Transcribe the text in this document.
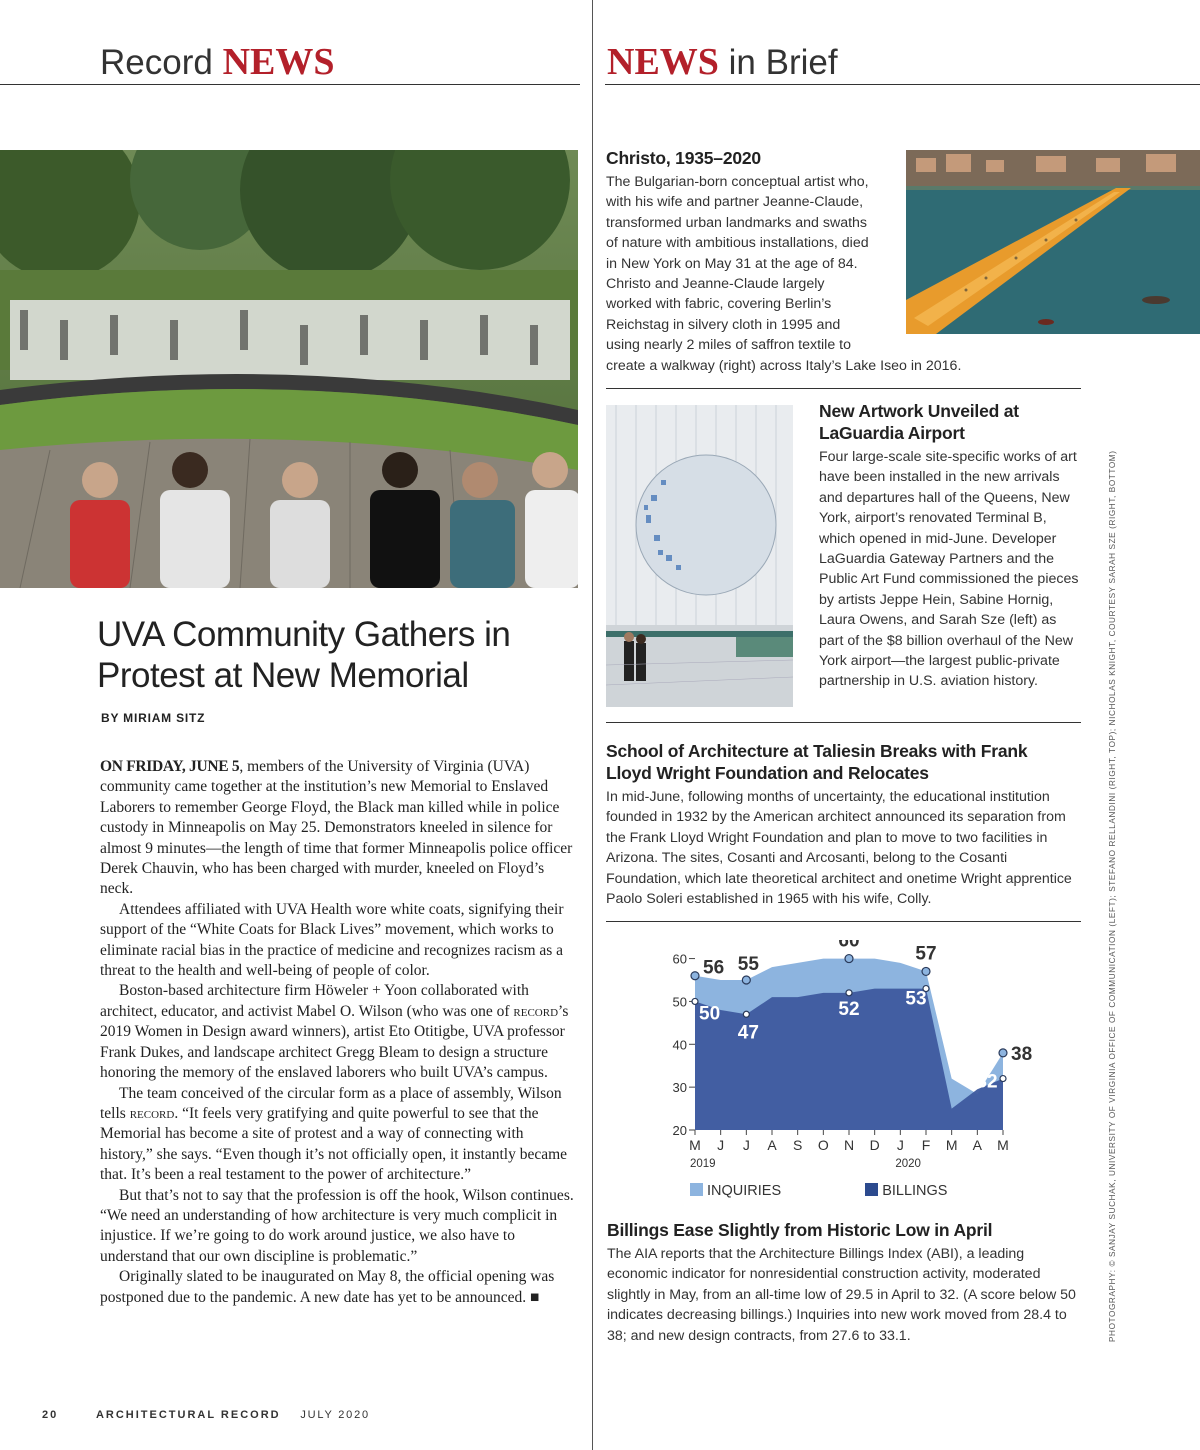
Record NEWS	NEWS in Brief
UVA Community Gathers in Protest at New Memorial
BY MIRIAM SITZ

ON FRIDAY, JUNE 5, members of the University of Virginia (UVA) community came together at the institution’s new Memorial to Enslaved Laborers to remember George Floyd, the Black man killed while in police custody in Minneapolis on May 25. Demonstrators kneeled in silence for almost 9 minutes—the length of time that former Minneapolis police officer Derek Chauvin, who has been charged with murder, kneeled on Floyd’s neck.

Attendees affiliated with UVA Health wore white coats, signifying their support of the “White Coats for Black Lives” movement, which works to eliminate racial bias in the practice of medicine and recognizes racism as a threat to the health and well-being of people of color.

Boston-based architecture firm Höweler + Yoon collaborated with architect, educator, and activist Mabel O. Wilson (who was one of record’s 2019 Women in Design award winners), artist Eto Otitigbe, UVA professor Frank Dukes, and landscape architect Gregg Bleam to design a structure honoring the memory of the enslaved laborers who built UVA’s campus.

The team conceived of the circular form as a place of assembly, Wilson tells record. “It feels very gratifying and quite powerful to see that the Memorial has become a site of protest and a way of connecting with history,” she says. “Even though it’s not officially open, it instantly became that. It’s been a real testament to the power of architecture.”

But that’s not to say that the profession is off the hook, Wilson continues. “We need an understanding of how architecture is very much complicit in injustice. If we’re going to do work around justice, we also have to understand that our own discipline is problematic.”

Originally slated to be inaugurated on May 8, the official opening was postponed due to the pandemic. A new date has yet to be announced. ■

Christo, 1935–2020
The Bulgarian-born conceptual artist who, with his wife and partner Jeanne-Claude, transformed urban landmarks and swaths of nature with ambitious installations, died in New York on May 31 at the age of 84. Christo and Jeanne-Claude largely worked with fabric, covering Berlin’s Reichstag in silvery cloth in 1995 and using nearly 2 miles of saffron textile to create a walkway (right) across Italy’s Lake Iseo in 2016.
New Artwork Unveiled at LaGuardia Airport
Four large-scale site-specific works of art have been installed in the new arrivals and departures hall of the Queens, New York, airport’s renovated Terminal B, which opened in mid-June. Developer LaGuardia Gateway Partners and the Public Art Fund commissioned the pieces by artists Jeppe Hein, Sabine Hornig, Laura Owens, and Sarah Sze (left) as part of the $8 billion overhaul of the New York airport—the largest public-private partnership in U.S. aviation history.
School of Architecture at Taliesin Breaks with Frank Lloyd Wright Foundation and Relocates
In mid-June, following months of uncertainty, the educational institution founded in 1932 by the American architect announced its separation from the Frank Lloyd Wright Foundation and plan to move to two facilities in Arizona. The sites, Cosanti and Arcosanti, belong to the Cosanti Foundation, which late theoretical architect and onetime Wright apprentice Paolo Soleri established in 1965 with his wife, Colly.
20
30
40
50
60
M J J A S O N D J F M A M
2019	2020
56 55
60
57
38
50
47
52 53
32
INQUIRIES	BILLINGS
Billings Ease Slightly from Historic Low in April
The AIA reports that the Architecture Billings Index (ABI), a leading economic indicator for nonresidential construction activity, moderated slightly in May, from an all-time low of 29.5 in April to 32. (A score below 50 indicates decreasing billings.) Inquiries into new work moved from 28.4 to 38; and new design contracts, from 27.6 to 33.1.	PHOTOGRAPHY: © SANJAY SUCHAK, UNIVERSITY OF VIRGINIA OFFICE OF COMMUNICATION (LEFT); STEFANO RELLANDINI (RIGHT, TOP); NICHOLAS KNIGHT, COURTESY SARAH SZE (RIGHT, BOTTOM)
20	ARCHITECTURAL RECORD JULY 2020
